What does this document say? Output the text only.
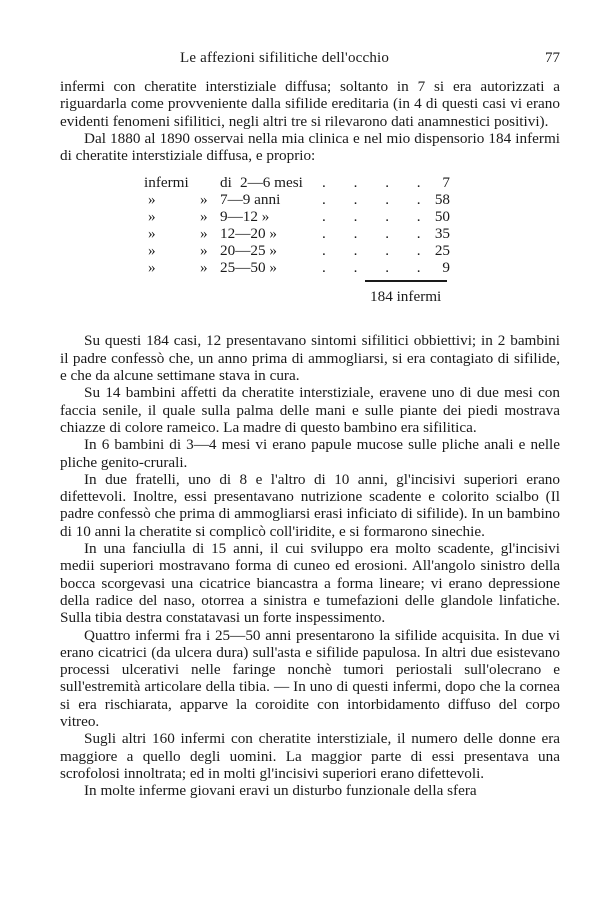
Le affezioni sifilitiche dell'occhio	77

infermi con cheratite interstiziale diffusa; soltanto in 7 si era autorizzati a riguardarla come provveniente dalla sifilide ereditaria (in 4 di questi casi vi erano evidenti fenomeni sifilitici, negli altri tre si rilevarono dati anamnestici positivi).

Dal 1880 al 1890 osservai nella mia clinica e nel mio dispensorio 184 infermi di cheratite interstiziale diffusa, e proprio:

infermi di 2—6 mesi . . . . 7
»	» 7—9 anni	. . . . 58
»	» 9—12 »	. . . . 50
»	» 12—20 »	. . . . 35
»	» 20—25 »	. . . . 25
»	» 25—50 »	. . . . 9
184 infermi

Su questi 184 casi, 12 presentavano sintomi sifilitici obbiettivi; in 2 bambini il padre confessò che, un anno prima di ammogliarsi, si era contagiato di sifilide, e che da alcune settimane stava in cura.

Su 14 bambini affetti da cheratite interstiziale, eravene uno di due mesi con faccia senile, il quale sulla palma delle mani e sulle piante dei piedi mostrava chiazze di colore rameico. La madre di questo bambino era sifilitica.

In 6 bambini di 3—4 mesi vi erano papule mucose sulle pliche anali e nelle pliche genito-crurali.

In due fratelli, uno di 8 e l'altro di 10 anni, gl'incisivi superiori erano difettevoli. Inoltre, essi presentavano nutrizione scadente e colorito scialbo (Il padre confessò che prima di ammogliarsi erasi inficiato di sifilide). In un bambino di 10 anni la cheratite si complicò coll'iridite, e si formarono sinechie.

In una fanciulla di 15 anni, il cui sviluppo era molto scadente, gl'incisivi medii superiori mostravano forma di cuneo ed erosioni. All'angolo sinistro della bocca scorgevasi una cicatrice biancastra a forma lineare; vi erano depressione della radice del naso, otorrea a sinistra e tumefazioni delle glandole linfatiche. Sulla tibia destra constatavasi un forte inspessimento.

Quattro infermi fra i 25—50 anni presentarono la sifilide acquisita. In due vi erano cicatrici (da ulcera dura) sull'asta e sifilide papulosa. In altri due esistevano processi ulcerativi nelle faringe nonchè tumori periostali sull'olecrano e sull'estremità articolare della tibia. — In uno di questi infermi, dopo che la cornea si era rischiarata, apparve la coroidite con intorbidamento diffuso del corpo vitreo.

Sugli altri 160 infermi con cheratite interstiziale, il numero delle donne era maggiore a quello degli uomini. La maggior parte di essi presentava una scrofolosi innoltrata; ed in molti gl'incisivi superiori erano difettevoli.

In molte inferme giovani eravi un disturbo funzionale della sfera
